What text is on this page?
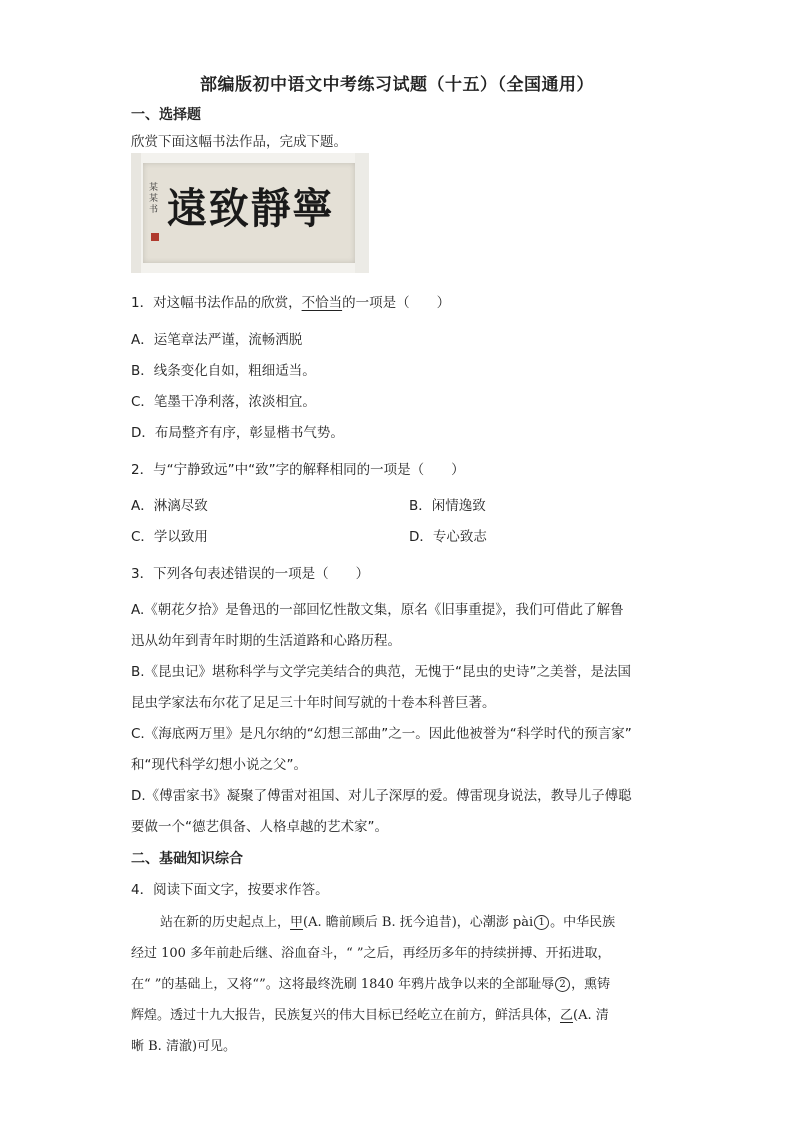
部编版初中语文中考练习试题（十五）（全国通用）
一、选择题
欣赏下面这幅书法作品，完成下题。
某某书 遠致靜寧
1．对这幅书法作品的欣赏，不恰当的一项是（　　）
A．运笔章法严谨，流畅洒脱
B．线条变化自如，粗细适当。
C．笔墨干净利落，浓淡相宜。
D．布局整齐有序，彰显楷书气势。
2．与“宁静致远”中“致”字的解释相同的一项是（　　）
A．淋漓尽致	B．闲情逸致
C．学以致用	D．专心致志
3．下列各句表述错误的一项是（　　）
A.《朝花夕拾》是鲁迅的一部回忆性散文集，原名《旧事重提》，我们可借此了解鲁
迅从幼年到青年时期的生活道路和心路历程。
B.《昆虫记》堪称科学与文学完美结合的典范，无愧于“昆虫的史诗”之美誉，是法国
昆虫学家法布尔花了足足三十年时间写就的十卷本科普巨著。
C.《海底两万里》是凡尔纳的“幻想三部曲”之一。因此他被誉为“科学时代的预言家”
和“现代科学幻想小说之父”。
D.《傅雷家书》凝聚了傅雷对祖国、对儿子深厚的爱。傅雷现身说法，教导儿子傅聪
要做一个“德艺俱备、人格卓越的艺术家”。
二、基础知识综合
4．阅读下面文字，按要求作答。
站在新的历史起点上，甲(A. 瞻前顾后 B. 抚今追昔)，心潮澎 pài 1 。中华民族
经过 100 多年前赴后继、浴血奋斗，“ ”之后，再经历多年的持续拼搏、开拓进取，
在“ ”的基础上，又将“”。这将最终洗刷 1840 年鸦片战争以来的全部耻辱 2 ，熏铸
辉煌。透过十九大报告，民族复兴的伟大目标已经屹立在前方，鲜活具体，乙(A. 清
晰 B. 清澈)可见。
